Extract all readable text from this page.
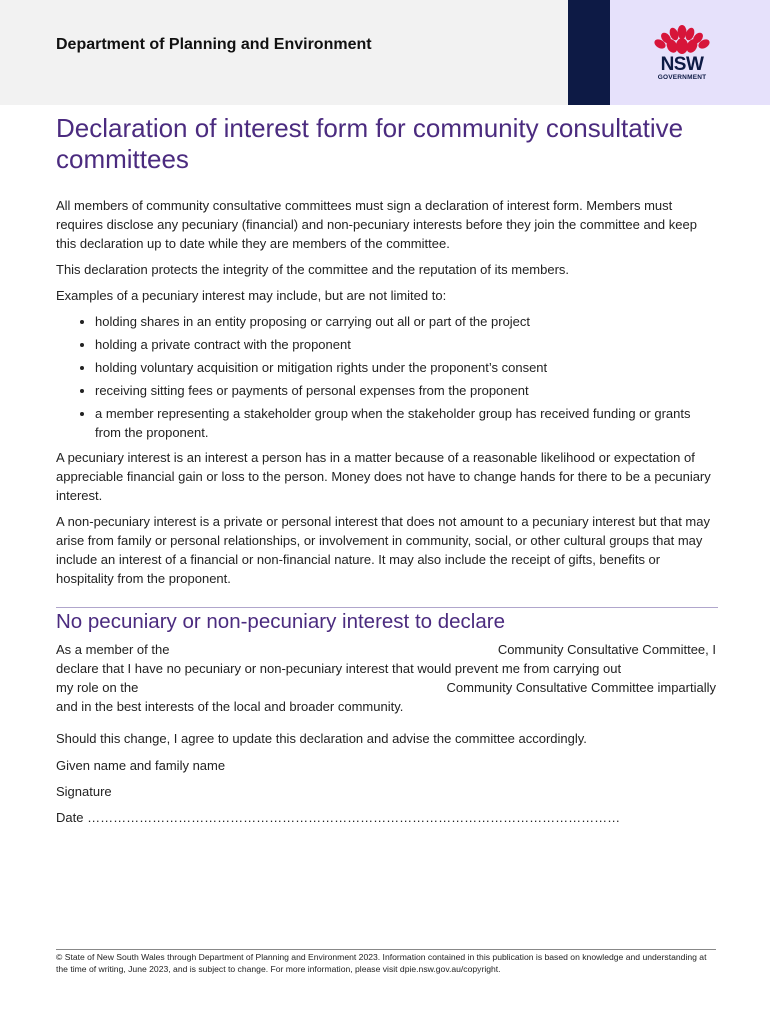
Department of Planning and Environment
NSW
GOVERNMENT
Declaration of interest form for community consultative committees

All members of community consultative committees must sign a declaration of interest form. Members must requires disclose any pecuniary (financial) and non-pecuniary interests before they join the committee and keep this declaration up to date while they are members of the committee.

This declaration protects the integrity of the committee and the reputation of its members.

Examples of a pecuniary interest may include, but are not limited to:

• holding shares in an entity proposing or carrying out all or part of the project
• holding a private contract with the proponent
• holding voluntary acquisition or mitigation rights under the proponent’s consent
• receiving sitting fees or payments of personal expenses from the proponent
• a member representing a stakeholder group when the stakeholder group has received funding or grants from the proponent.

A pecuniary interest is an interest a person has in a matter because of a reasonable likelihood or expectation of appreciable financial gain or loss to the person. Money does not have to change hands for there to be a pecuniary interest.

A non-pecuniary interest is a private or personal interest that does not amount to a pecuniary interest but that may arise from family or personal relationships, or involvement in community, social, or other cultural groups that may include an interest of a financial or non-financial nature. It may also include the receipt of gifts, benefits or hospitality from the proponent.

No pecuniary or non-pecuniary interest to declare
As a member of the	Community Consultative Committee, I

declare that I have no pecuniary or non-pecuniary interest that would prevent me from carrying out

my role on the	Community Consultative Committee impartially

and in the best interests of the local and broader community.

Should this change, I agree to update this declaration and advise the committee accordingly.
Given name and family name
Signature
Date ……………………………………………………………………………………………………………
© State of New South Wales through Department of Planning and Environment 2023. Information contained in this publication is based on knowledge and understanding at the time of writing, June 2023, and is subject to change. For more information, please visit dpie.nsw.gov.au/copyright.
